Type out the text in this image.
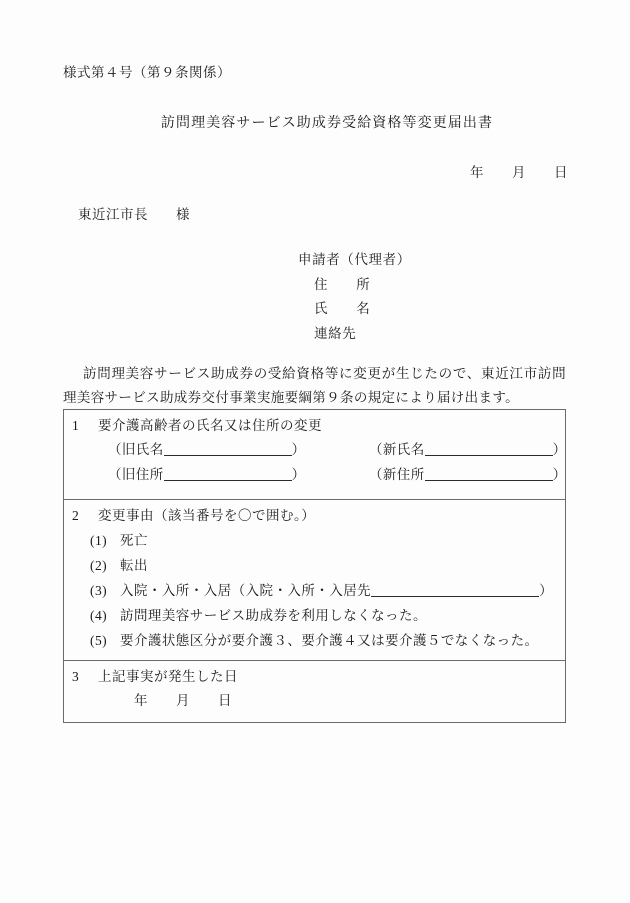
様式第４号（第９条関係）
訪問理美容サービス助成券受給資格等変更届出書
年　　月　　日
東近江市長　　様
申請者（代理者）
住　　所
氏　　名
連絡先
訪問理美容サービス助成券の受給資格等に変更が生じたので、東近江市訪問理美容サービス助成券交付事業実施要綱第９条の規定により届け出ます。
1 要介護高齢者の氏名又は住所の変更
（旧氏名	）	（新氏名	）
（旧住所	）	（新住所	）
2 変更事由（該当番号を〇で囲む。）
(1) 死亡
(2) 転出
(3) 入院・入所・入居（入院・入所・入居先	）
(4) 訪問理美容サービス助成券を利用しなくなった。
(5) 要介護状態区分が要介護３、要介護４又は要介護５でなくなった。
3 上記事実が発生した日
年　　月　　日
